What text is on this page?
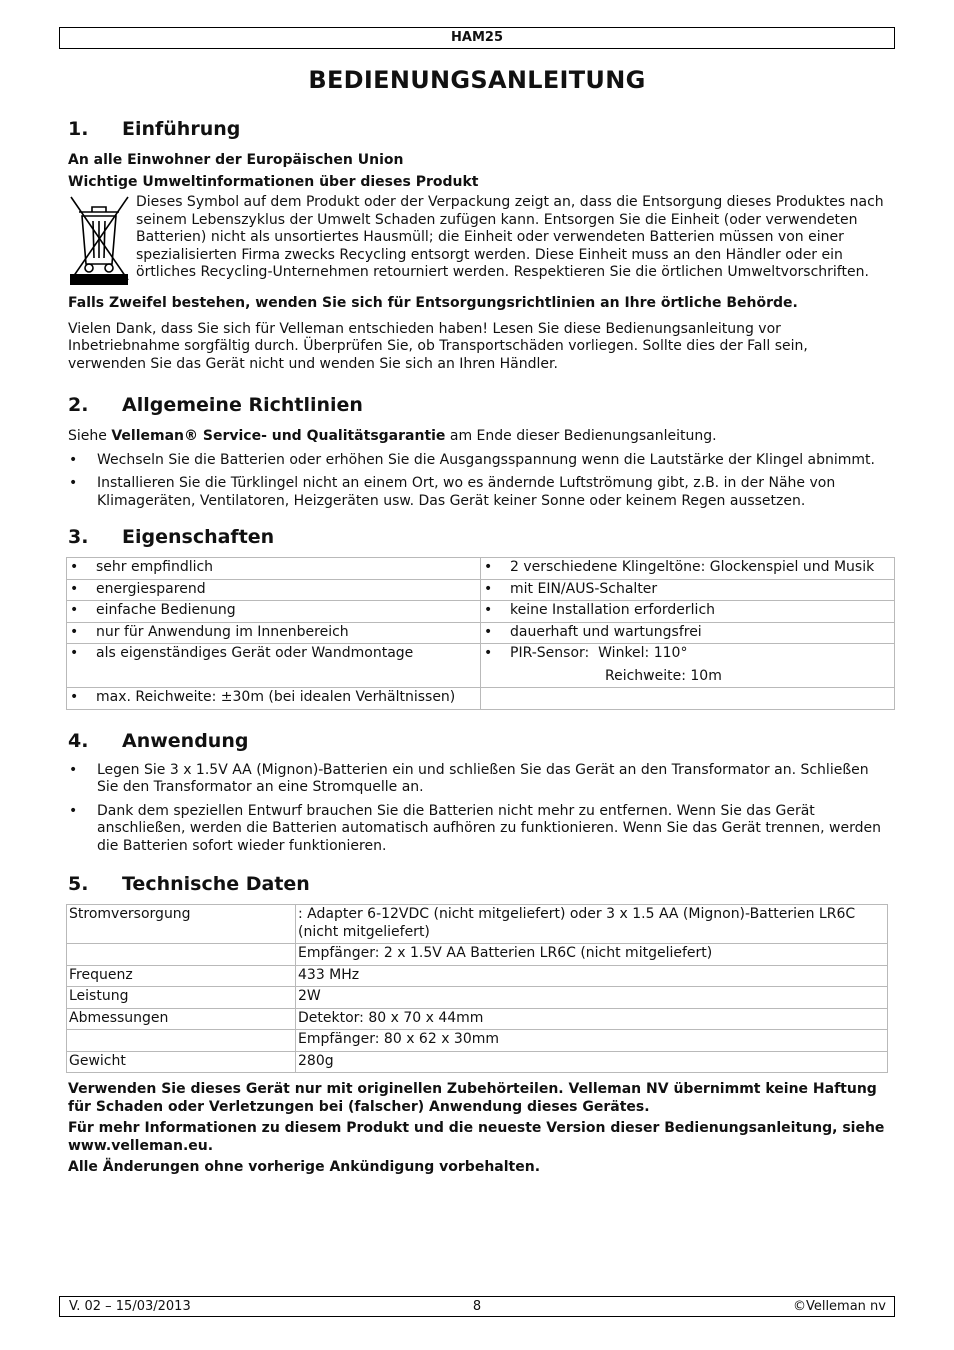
HAM25
BEDIENUNGSANLEITUNG
1.	Einführung
An alle Einwohner der Europäischen Union
Wichtige Umweltinformationen über dieses Produkt
Dieses Symbol auf dem Produkt oder der Verpackung zeigt an, dass die Entsorgung dieses Produktes nach seinem Lebenszyklus der Umwelt Schaden zufügen kann. Entsorgen Sie die Einheit (oder verwendeten Batterien) nicht als unsortiertes Hausmüll; die Einheit oder verwendeten Batterien müssen von einer spezialisierten Firma zwecks Recycling entsorgt werden. Diese Einheit muss an den Händler oder ein örtliches Recycling-Unternehmen retourniert werden. Respektieren Sie die örtlichen Umweltvorschriften.

Falls Zweifel bestehen, wenden Sie sich für Entsorgungsrichtlinien an Ihre örtliche Behörde.

Vielen Dank, dass Sie sich für Velleman entschieden haben! Lesen Sie diese Bedienungsanleitung vor Inbetriebnahme sorgfältig durch. Überprüfen Sie, ob Transportschäden vorliegen. Sollte dies der Fall sein, verwenden Sie das Gerät nicht und wenden Sie sich an Ihren Händler.

2.	Allgemeine Richtlinien

Siehe Velleman® Service- und Qualitätsgarantie am Ende dieser Bedienungsanleitung.

• Wechseln Sie die Batterien oder erhöhen Sie die Ausgangsspannung wenn die Lautstärke der Klingel abnimmt.
• Installieren Sie die Türklingel nicht an einem Ort, wo es ändernde Luftströmung gibt, z.B. in der Nähe von Klimageräten, Ventilatoren, Heizgeräten usw. Das Gerät keiner Sonne oder keinem Regen aussetzen.
3.	Eigenschaften
• sehr empfindlich	• 2 verschiedene Klingeltöne: Glockenspiel und Musik

• energiesparend	• mit EIN/AUS-Schalter

• einfache Bedienung	• keine Installation erforderlich

• nur für Anwendung im Innenbereich	• dauerhaft und wartungsfrei

• als eigenständiges Gerät oder Wandmontage	• PIR-Sensor:  Winkel: 110°
Reichweite: 10m

• max. Reichweite: ±30m (bei idealen Verhältnissen)

4.	Anwendung
• Legen Sie 3 x 1.5V AA (Mignon)-Batterien ein und schließen Sie das Gerät an den Transformator an. Schließen Sie den Transformator an eine Stromquelle an.
• Dank dem speziellen Entwurf brauchen Sie die Batterien nicht mehr zu entfernen. Wenn Sie das Gerät anschließen, werden die Batterien automatisch aufhören zu funktionieren. Wenn Sie das Gerät trennen, werden die Batterien sofort wieder funktionieren.
5.	Technische Daten
Stromversorgung	: Adapter 6-12VDC (nicht mitgeliefert) oder 3 x 1.5 AA (Mignon)-Batterien LR6C (nicht mitgeliefert)
	Empfänger: 2 x 1.5V AA Batterien LR6C (nicht mitgeliefert)
Frequenz	433 MHz
Leistung	2W
Abmessungen	Detektor: 80 x 70 x 44mm
	Empfänger: 80 x 62 x 30mm
Gewicht	280g

Verwenden Sie dieses Gerät nur mit originellen Zubehörteilen. Velleman NV übernimmt keine Haftung für Schaden oder Verletzungen bei (falscher) Anwendung dieses Gerätes.

Für mehr Informationen zu diesem Produkt und die neueste Version dieser Bedienungsanleitung, siehe www.velleman.eu.

Alle Änderungen ohne vorherige Ankündigung vorbehalten.

V. 02 – 15/03/2013	8	©Velleman nv
